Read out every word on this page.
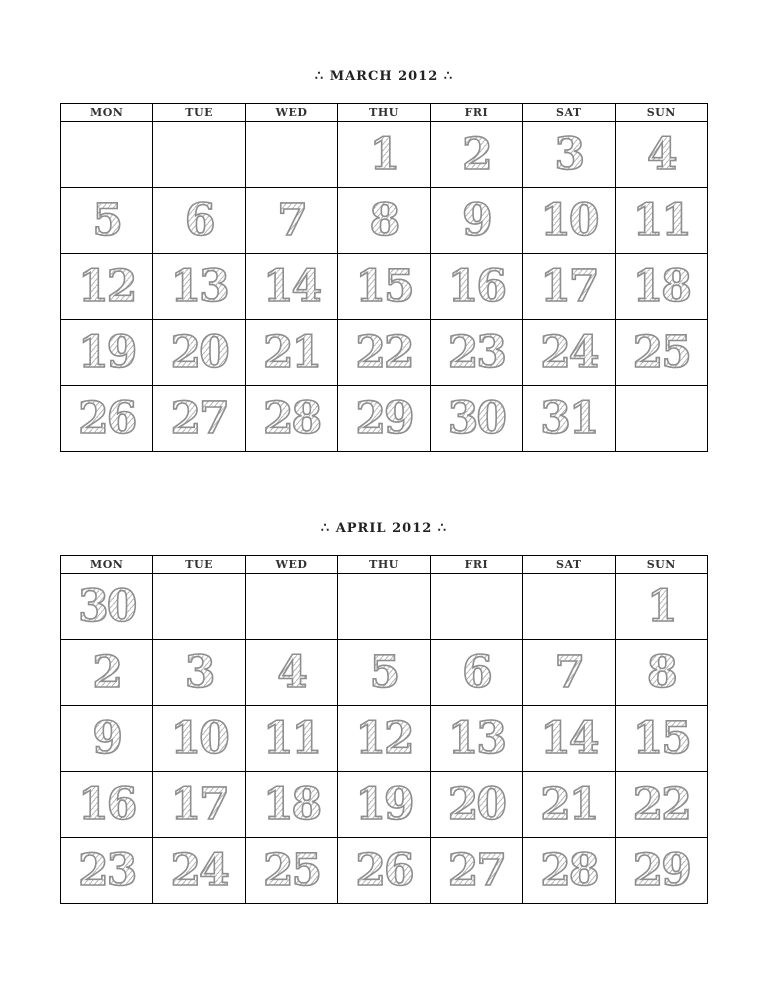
∴ MARCH 2012 ∴
MON	TUE	WED	THU	FRI	SAT	SUN
			1	2	3	4
5	6	7	8	9	10	11
12	13	14	15	16	17	18
19	20	21	22	23	24	25
26	27	28	29	30	31	
∴ APRIL 2012 ∴
MON	TUE	WED	THU	FRI	SAT	SUN
30						1
2	3	4	5	6	7	8
9	10	11	12	13	14	15
16	17	18	19	20	21	22
23	24	25	26	27	28	29
